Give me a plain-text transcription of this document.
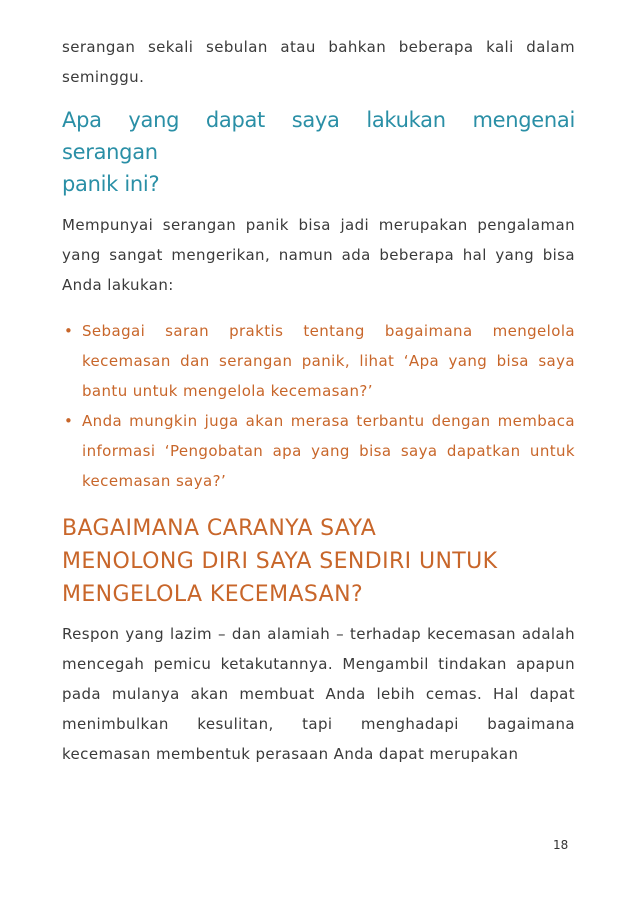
serangan sekali sebulan atau bahkan beberapa kali dalam
seminggu.

Apa yang dapat saya lakukan mengenai serangan
panik ini?

Mempunyai serangan panik bisa jadi merupakan pengalaman yang sangat mengerikan, namun ada beberapa hal yang bisa Anda lakukan:

• Sebagai saran praktis tentang bagaimana mengelola kecemasan dan serangan panik, lihat ‘Apa yang bisa saya bantu untuk mengelola kecemasan?’
• Anda mungkin juga akan merasa terbantu dengan membaca informasi ‘Pengobatan apa yang bisa saya dapatkan untuk kecemasan saya?’
BAGAIMANA CARANYA SAYA
MENOLONG DIRI SAYA SENDIRI UNTUK
MENGELOLA KECEMASAN?

Respon yang lazim – dan alamiah – terhadap kecemasan adalah mencegah pemicu ketakutannya. Mengambil tindakan apapun pada mulanya akan membuat Anda lebih cemas. Hal dapat menimbulkan kesulitan, tapi menghadapi bagaimana kecemasan membentuk perasaan Anda dapat merupakan

18
